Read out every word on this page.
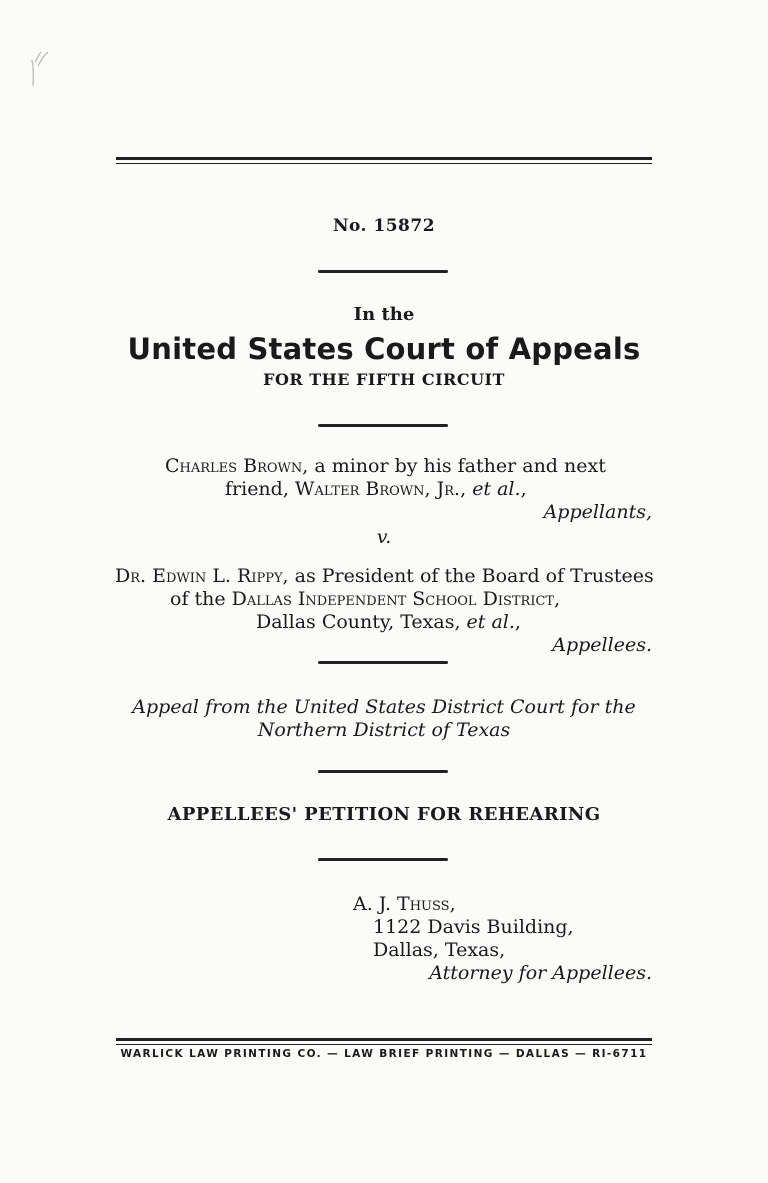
No. 15872
In the
United States Court of Appeals
FOR THE FIFTH CIRCUIT
Charles Brown, a minor by his father and next
friend, Walter Brown, Jr., et al.,
Appellants,
v.
Dr. Edwin L. Rippy, as President of the Board of Trustees
of the Dallas Independent School District,
Dallas County, Texas, et al.,
Appellees.
Appeal from the United States District Court for the
Northern District of Texas
APPELLEES' PETITION FOR REHEARING
A. J. Thuss,
1122 Davis Building,
Dallas, Texas,
Attorney for Appellees.
WARLICK LAW PRINTING CO. — LAW BRIEF PRINTING — DALLAS — RI-6711
